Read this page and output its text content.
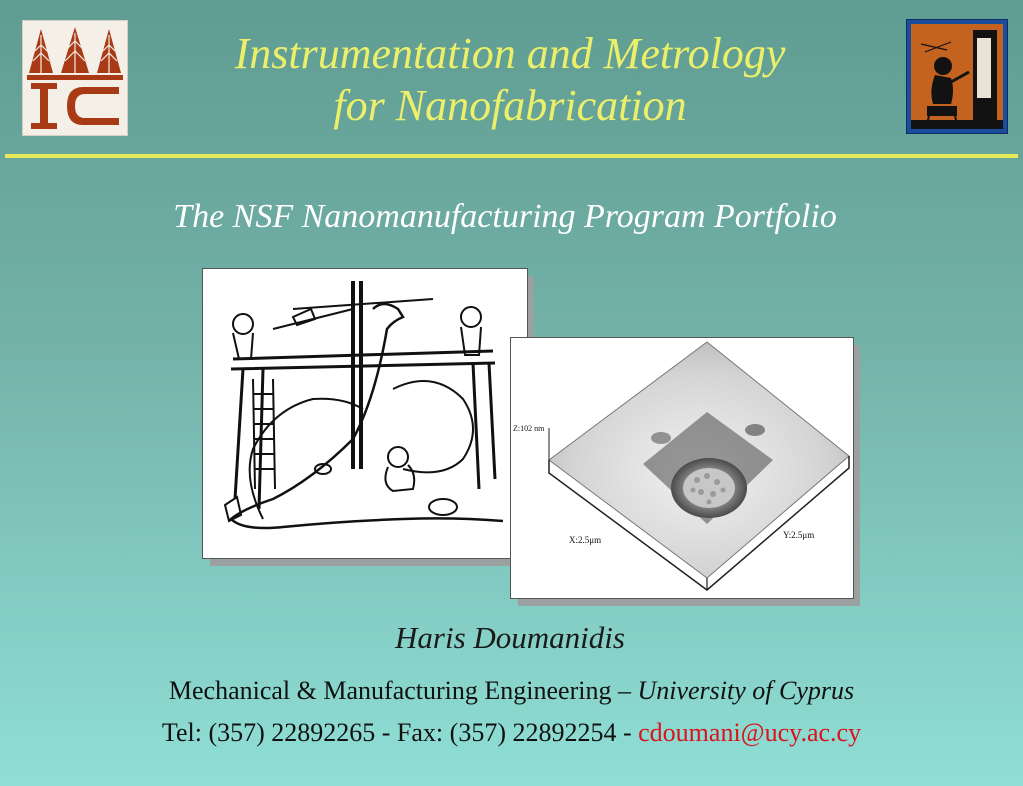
Instrumentation and Metrology
for Nanofabrication
The NSF Nanomanufacturing Program Portfolio
Z:102 nm
X:2.5μm	Y:2.5μm
Haris Doumanidis
Mechanical & Manufacturing Engineering – University of Cyprus
Tel: (357) 22892265 - Fax: (357) 22892254 - cdoumani@ucy.ac.cy
